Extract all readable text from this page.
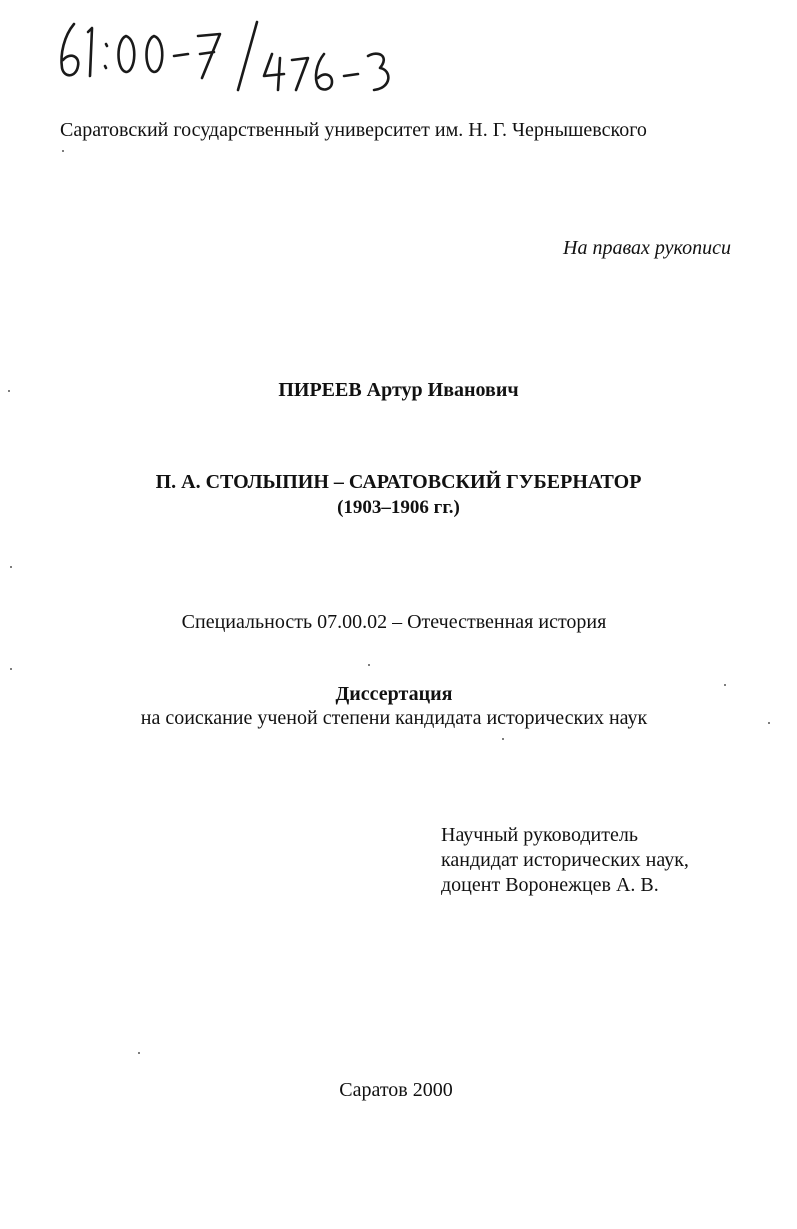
Саратовский государственный университет им. Н. Г. Чернышевского
На правах рукописи
ПИРЕЕВ Артур Иванович
П. А. СТОЛЫПИН – САРАТОВСКИЙ ГУБЕРНАТОР
(1903–1906 гг.)
Специальность 07.00.02 – Отечественная история
Диссертация
на соискание ученой степени кандидата исторических наук
Научный руководитель
кандидат исторических наук,
доцент Воронежцев А. В.
Саратов 2000
